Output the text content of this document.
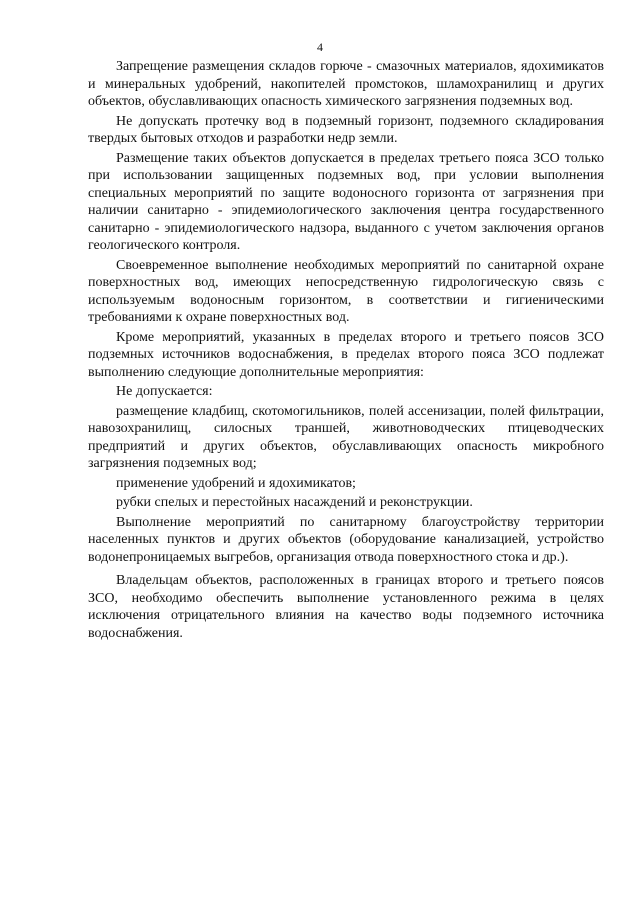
4

Запрещение размещения складов горюче - смазочных материалов, ядохимикатов и минеральных удобрений, накопителей промстоков, шламохранилищ и других объектов, обуславливающих опасность химического загрязнения подземных вод.

Не допускать протечку вод в подземный горизонт, подземного складирования твердых бытовых отходов и разработки недр земли.

Размещение таких объектов допускается в пределах третьего пояса ЗСО только при использовании защищенных подземных вод, при условии выполнения специальных мероприятий по защите водоносного горизонта от загрязнения при наличии санитарно - эпидемиологического заключения центра государственного санитарно - эпидемиологического надзора, выданного с учетом заключения органов геологического контроля.

Своевременное выполнение необходимых мероприятий по санитарной охране поверхностных вод, имеющих непосредственную гидрологическую связь с используемым водоносным горизонтом, в соответствии и гигиеническими требованиями к охране поверхностных вод.

Кроме мероприятий, указанных в пределах второго и третьего поясов ЗСО подземных источников водоснабжения, в пределах второго пояса ЗСО подлежат выполнению следующие дополнительные мероприятия:

Не допускается:

размещение кладбищ, скотомогильников, полей ассенизации, полей фильтрации, навозохранилищ, силосных траншей, животноводческих птицеводческих предприятий и других объектов, обуславливающих опасность микробного загрязнения подземных вод;

применение удобрений и ядохимикатов;

рубки спелых и перестойных насаждений и реконструкции.

Выполнение мероприятий по санитарному благоустройству территории населенных пунктов и других объектов (оборудование канализацией, устройство водонепроницаемых выгребов, организация отвода поверхностного стока и др.).

Владельцам объектов, расположенных в границах второго и третьего поясов ЗСО, необходимо обеспечить выполнение установленного режима в целях исключения отрицательного влияния на качество воды подземного источника водоснабжения.
